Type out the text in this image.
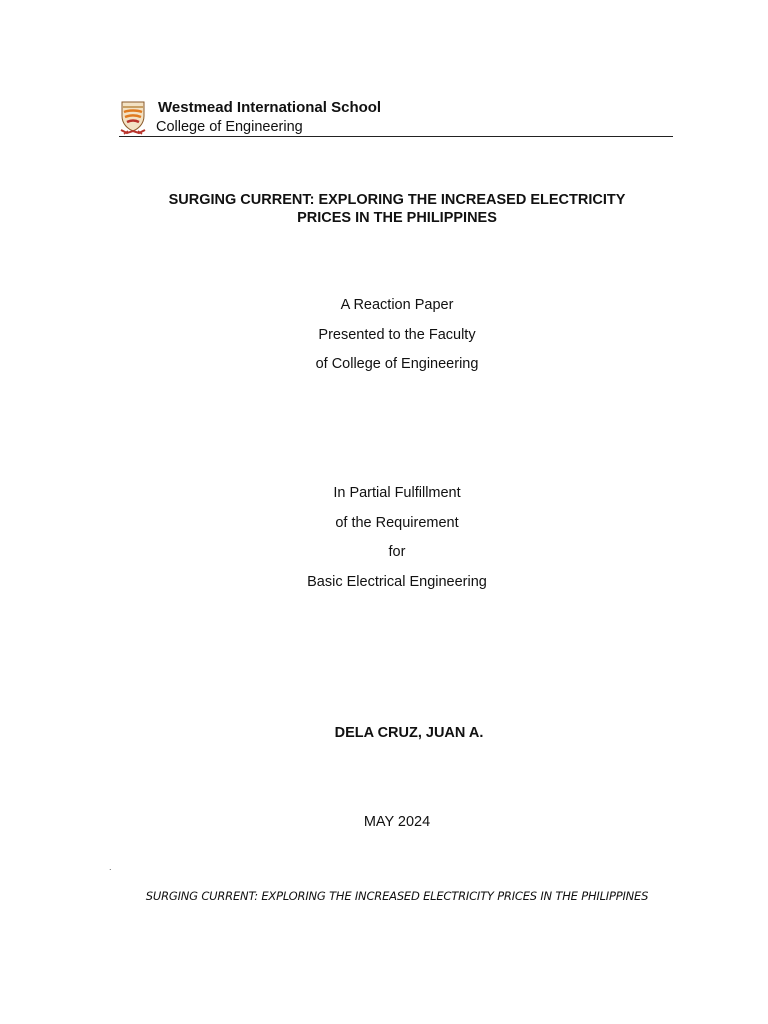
Westmead International School
College of Engineering
SURGING CURRENT: EXPLORING THE INCREASED ELECTRICITY
PRICES IN THE PHILIPPINES
A Reaction Paper
Presented to the Faculty
of College of Engineering
In Partial Fulfillment
of the Requirement
for
Basic Electrical Engineering
DELA CRUZ, JUAN A.
MAY 2024
.
SURGING CURRENT: EXPLORING THE INCREASED ELECTRICITY PRICES IN THE PHILIPPINES
